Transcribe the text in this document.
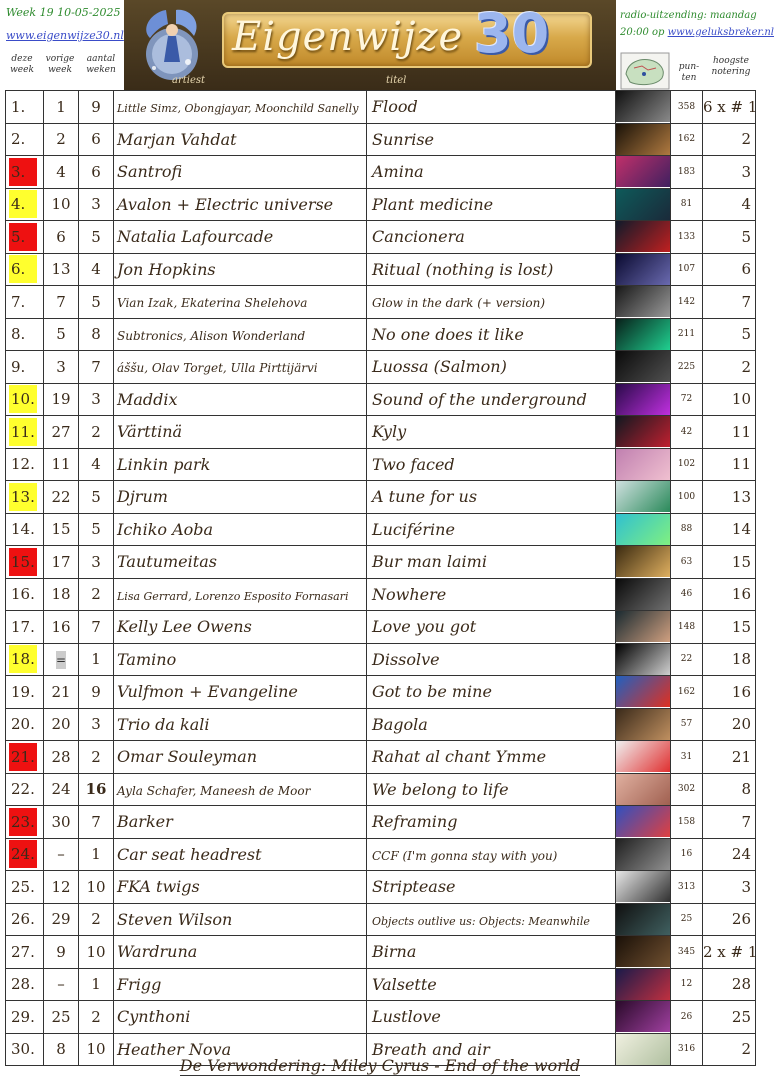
Week 19 10-05-2025
www.eigenwijze30.nl
deze week
vorige week
aantal weken
Eigenwijze 30
artiest	titel
radio-uitzending: maandag
20:00 op www.geluksbreker.nl
pun-ten
hoogste notering
1.	1	9	Little Simz, Obongjayar, Moonchild Sanelly	Flood		358	6 x # 1
2.	2	6	Marjan Vahdat	Sunrise		162	2
3.	4	6	Santrofi	Amina		183	3
4.	10	3	Avalon + Electric universe	Plant medicine		81	4
5.	6	5	Natalia Lafourcade	Cancionera		133	5
6.	13	4	Jon Hopkins	Ritual (nothing is lost)		107	6
7.	7	5	Vian Izak, Ekaterina Shelehova	Glow in the dark (+ version)		142	7
8.	5	8	Subtronics, Alison Wonderland	No one does it like		211	5
9.	3	7	áššu, Olav Torget, Ulla Pirttijärvi	Luossa (Salmon)		225	2
10.	19	3	Maddix	Sound of the underground		72	10
11.	27	2	Värttinä	Kyly		42	11
12.	11	4	Linkin park	Two faced		102	11
13.	22	5	Djrum	A tune for us		100	13
14.	15	5	Ichiko Aoba	Luciférine		88	14
15.	17	3	Tautumeitas	Bur man laimi		63	15
16.	18	2	Lisa Gerrard, Lorenzo Esposito Fornasari	Nowhere		46	16
17.	16	7	Kelly Lee Owens	Love you got		148	15
18.	=	1	Tamino	Dissolve		22	18
19.	21	9	Vulfmon + Evangeline	Got to be mine		162	16
20.	20	3	Trio da kali	Bagola		57	20
21.	28	2	Omar Souleyman	Rahat al chant Ymme		31	21
22.	24	16	Ayla Schafer, Maneesh de Moor	We belong to life		302	8
23.	30	7	Barker	Reframing		158	7
24.	–	1	Car seat headrest	CCF (I'm gonna stay with you)		16	24
25.	12	10	FKA twigs	Striptease		313	3
26.	29	2	Steven Wilson	Objects outlive us: Objects: Meanwhile		25	26
27.	9	10	Wardruna	Birna		345	2 x # 1
28.	–	1	Frigg	Valsette		12	28
29.	25	2	Cynthoni	Lustlove		26	25
30.	8	10	Heather Nova	Breath and air		316	2
De Verwondering: Miley Cyrus - End of the world
